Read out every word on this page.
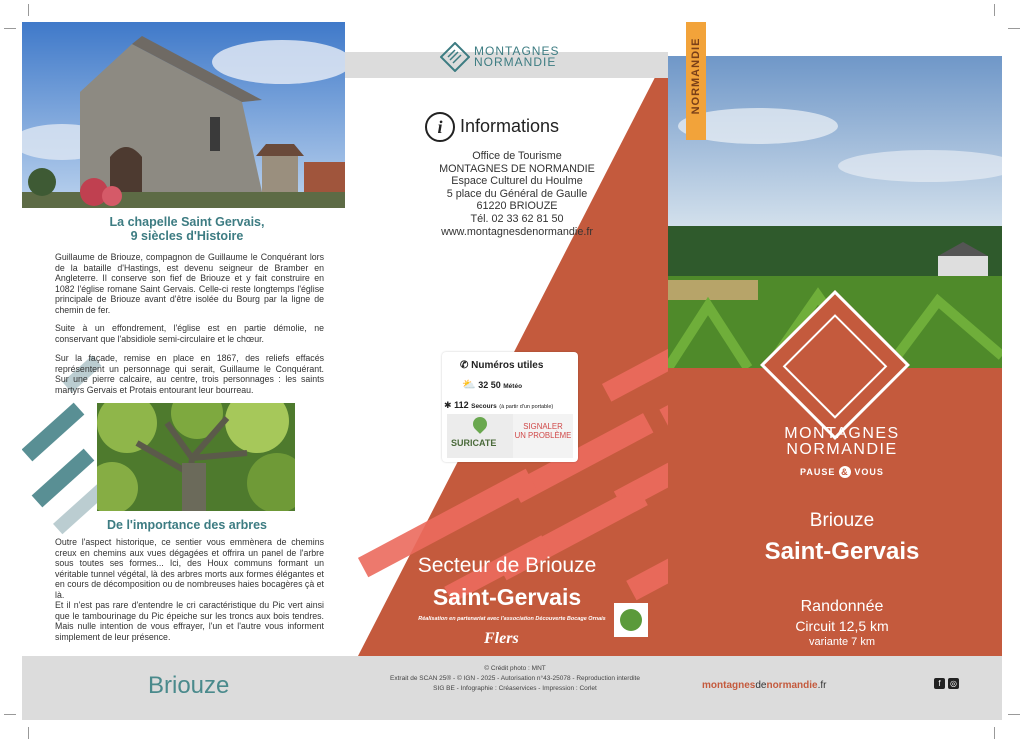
La chapelle Saint Gervais,
9 siècles d'Histoire
Guillaume de Briouze, compagnon de Guillaume le Conquérant lors de la bataille d'Hastings, est devenu seigneur de Bramber en Angleterre. Il conserve son fief de Briouze et y fait construire en 1082 l'église romane Saint Gervais. Celle-ci reste longtemps l'église principale de Briouze avant d'être isolée du Bourg par la ligne de chemin de fer.
Suite à un effondrement, l'église est en partie démolie, ne conservant que l'absidiole semi-circulaire et le chœur.
Sur la façade, remise en place en 1867, des reliefs effacés représentent un personnage qui serait, Guillaume le Conquérant. Sur une pierre calcaire, au centre, trois personnages : les saints martyrs Gervais et Protais entourant leur bourreau.
De l'importance des arbres
Outre l'aspect historique, ce sentier vous emmènera de chemins creux en chemins aux vues dégagées et offrira un panel de l'arbre sous toutes ses formes... Ici, des Houx communs formant un véritable tunnel végétal, là des arbres morts aux formes élégantes et en cours de décomposition ou de nombreuses haies bocagères çà et là.
Et il n'est pas rare d'entendre le cri caractéristique du Pic vert ainsi que le tambourinage du Pic épeiche sur les troncs aux bois tendres. Mais nulle intention de vous effrayer, l'un et l'autre vous informent simplement de leur présence.
MONTAGNES
NORMANDIE
i Informations
Office de Tourisme
MONTAGNES DE NORMANDIE
Espace Culturel du Houlme
5 place du Général de Gaulle
61220 BRIOUZE
Tél. 02 33 62 81 50
www.montagnesdenormandie.fr
✆ Numéros utiles
⛅ 32 50 Météo
✱ 112 Secours (à partir d'un portable)
SURICATE
SIGNALER
UN PROBLÈME
Secteur de Briouze
Saint-Gervais
Réalisation en partenariat avec l'association Découverte Bocage Ornais
Flers
NORMANDIE
MONTAGNES
NORMANDIE
PAUSE & VOUS
Briouze
Saint-Gervais
Randonnée
Circuit 12,5 km
variante 7 km
Briouze
© Crédit photo : MNT
Extrait de SCAN 25® - © IGN - 2025 - Autorisation n°43-25078 - Reproduction interdite
SIG BE - Infographie : Créaservices - Impression : Corlet	montagnesdenormandie.fr	f	◎
